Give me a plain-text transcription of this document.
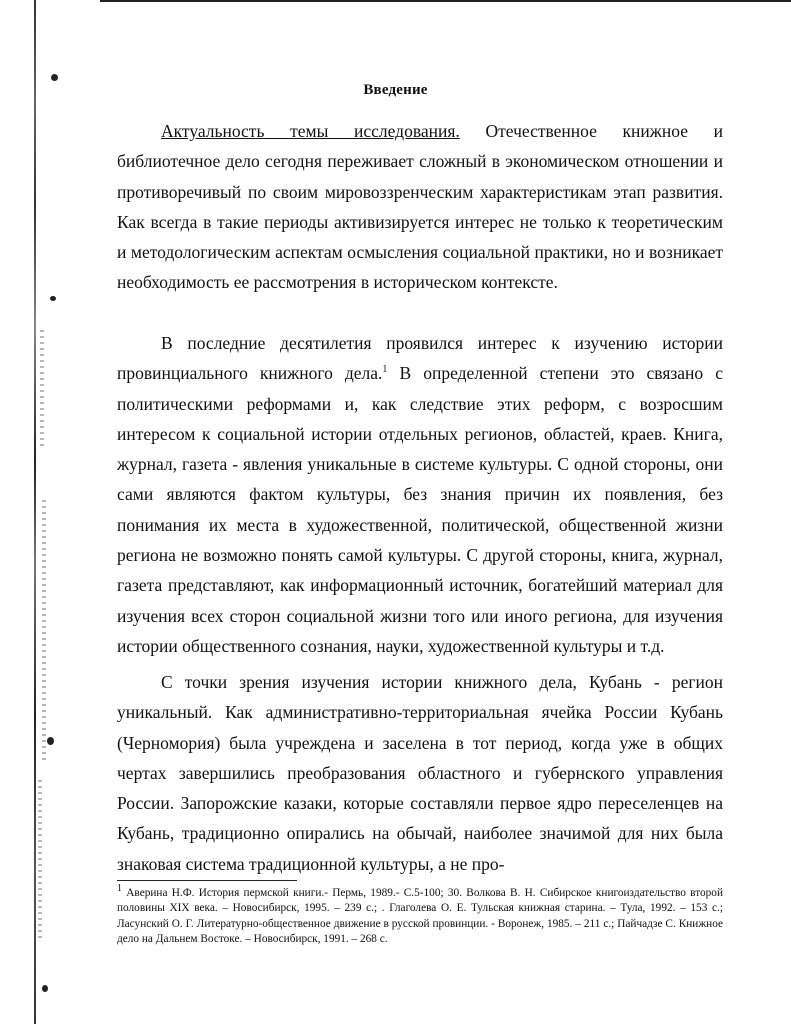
Введение

Актуальность темы исследования. Отечественное книжное и библиотечное дело сегодня переживает сложный в экономическом отношении и противоречивый по своим мировоззренческим характеристикам этап развития. Как всегда в такие периоды активизируется интерес не только к теоретическим и методологическим аспектам осмысления социальной практики, но и возникает необходимость ее рассмотрения в историческом контексте.

В последние десятилетия проявился интерес к изучению истории провинциального книжного дела.$^1$ В определенной степени это связано с политическими реформами и, как следствие этих реформ, с возросшим интересом к социальной истории отдельных регионов, областей, краев. Книга, журнал, газета - явления уникальные в системе культуры. С одной стороны, они сами являются фактом культуры, без знания причин их появления, без понимания их места в художественной, политической, общественной жизни региона не возможно понять самой культуры. С другой стороны, книга, журнал, газета представляют, как информационный источник, богатейший материал для изучения всех сторон социальной жизни того или иного региона, для изучения истории общественного сознания, науки, художественной культуры и т.д.

С точки зрения изучения истории книжного дела, Кубань - регион уникальный. Как административно-территориальная ячейка России Кубань (Черномория) была учреждена и заселена в тот период, когда уже в общих чертах завершились преобразования областного и губернского управления России. Запорожские казаки, которые составляли первое ядро переселенцев на Кубань, традиционно опирались на обычай, наиболее значимой для них была знаковая система традиционной культуры, а не про-

$^1$ Аверина Н.Ф. История пермской книги.- Пермь, 1989.- С.5-100; 30. Волкова В. Н. Сибирское книгоиздательство второй половины XIX века. – Новосибирск, 1995. – 239 с.; . Глаголева О. Е. Тульская книжная старина. – Тула, 1992. – 153 с.; Ласунский О. Г. Литературно-общественное движение в русской провинции. - Воронеж, 1985. – 211 с.; Пайчадзе С. Книжное дело на Дальнем Востоке. – Новосибирск, 1991. – 268 с.
